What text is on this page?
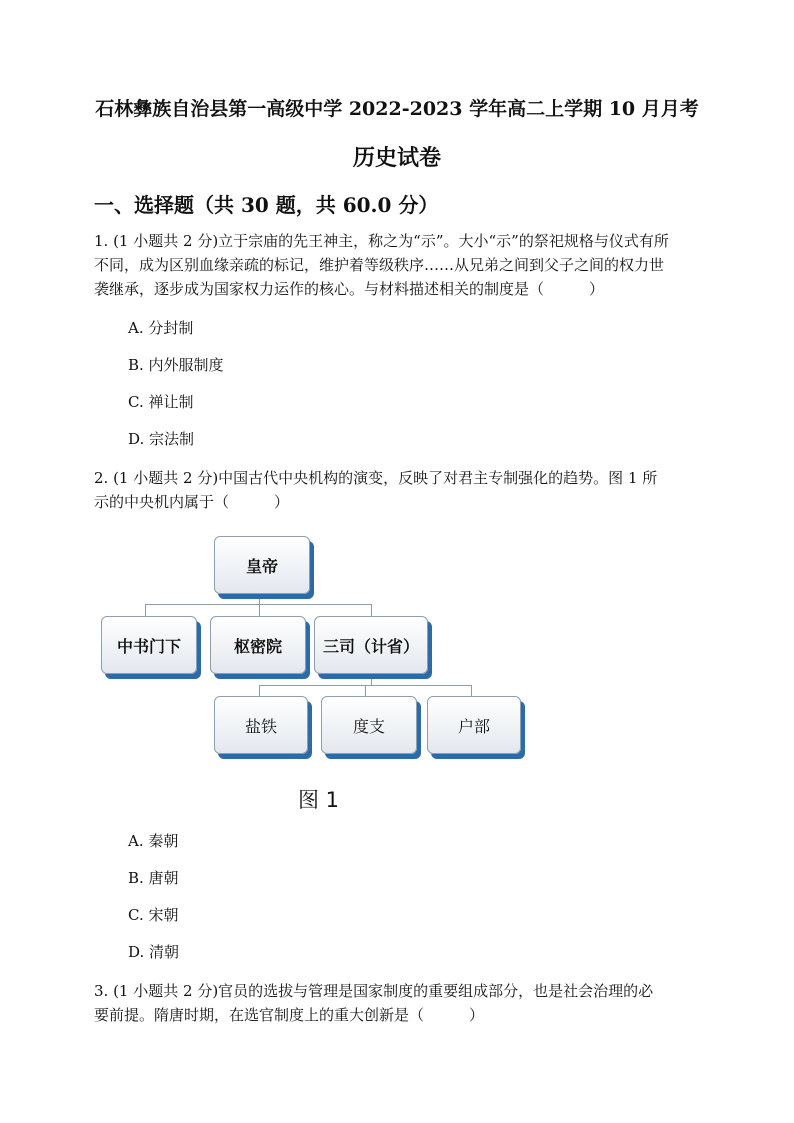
石林彝族自治县第一高级中学 2022-2023 学年高二上学期 10 月月考
历史试卷
一、选择题（共 30 题，共 60.0 分）
1. (1 小题共 2 分)立于宗庙的先王神主，称之为“示”。大小“示”的祭祀规格与仪式有所
不同，成为区别血缘亲疏的标记，维护着等级秩序……从兄弟之间到父子之间的权力世
袭继承，逐步成为国家权力运作的核心。与材料描述相关的制度是（　　　）
A. 分封制
B. 内外服制度
C. 禅让制
D. 宗法制
2. (1 小题共 2 分)中国古代中央机构的演变，反映了对君主专制强化的趋势。图 1 所
示的中央机内属于（　　　）
皇帝
中书门下	枢密院	三司（计省）
盐铁	度支	户部
图 1
A. 秦朝
B. 唐朝
C. 宋朝
D. 清朝
3. (1 小题共 2 分)官员的选拔与管理是国家制度的重要组成部分，也是社会治理的必
要前提。隋唐时期，在选官制度上的重大创新是（　　　）
